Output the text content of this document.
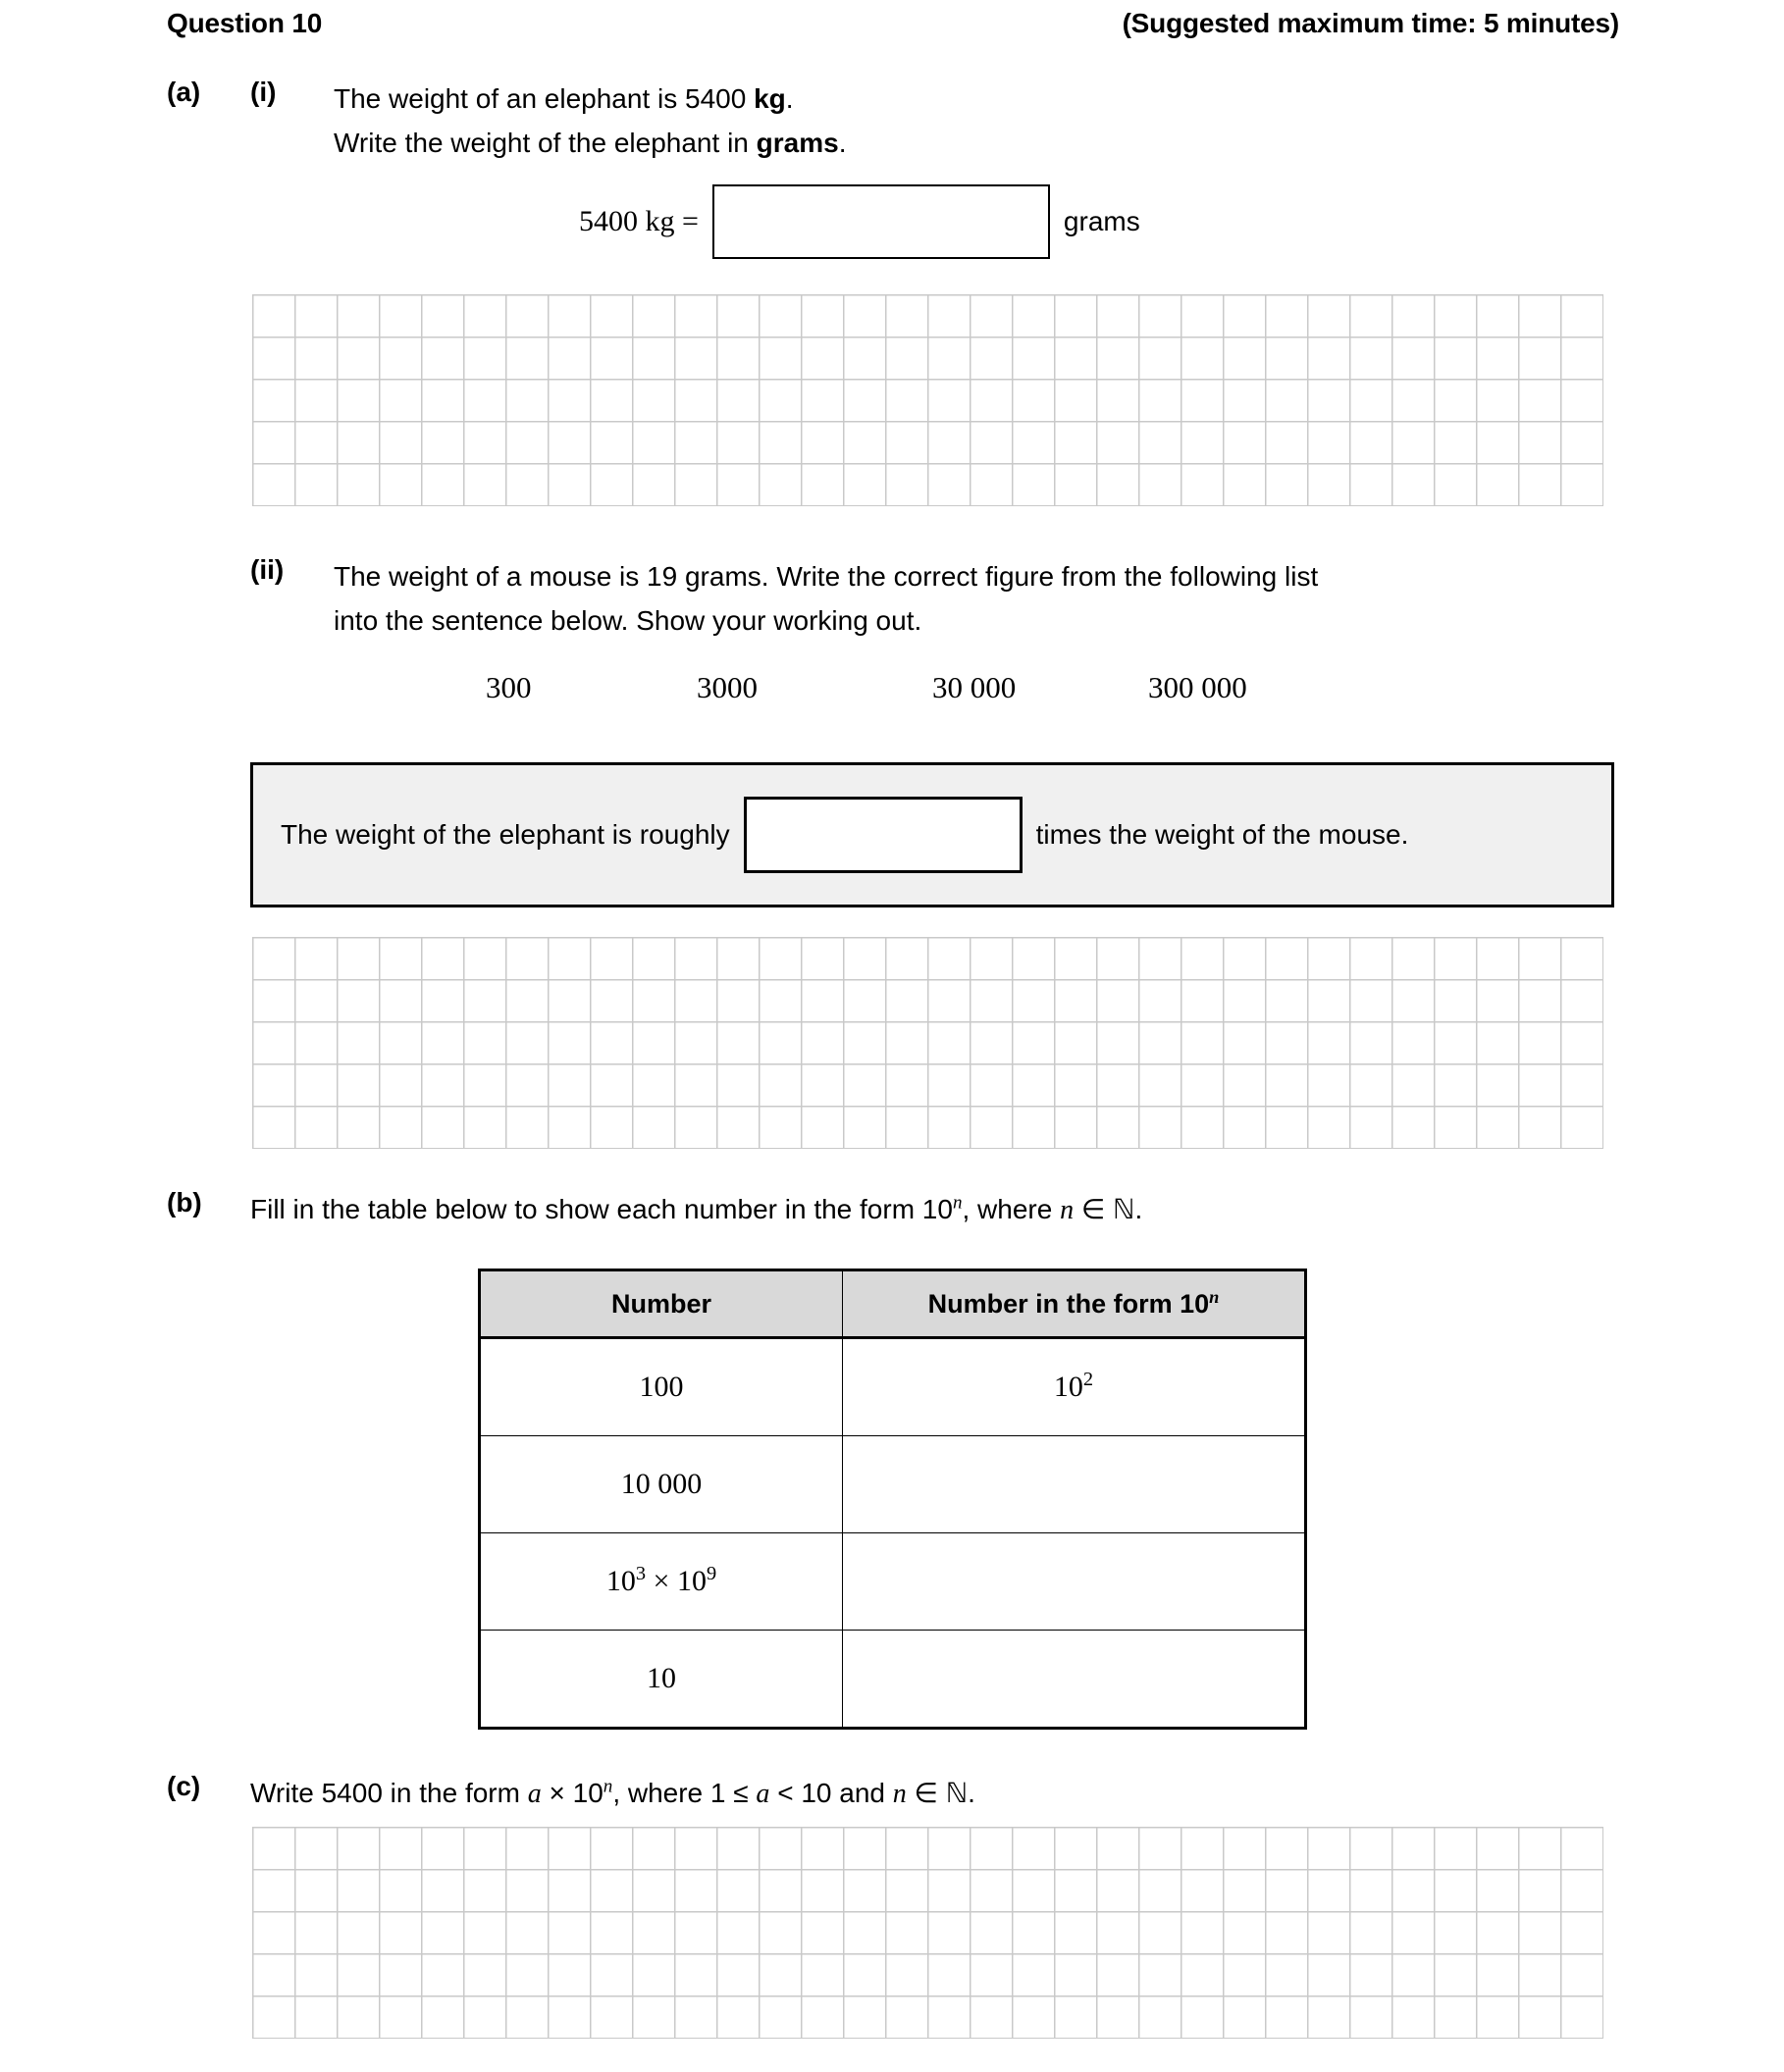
Question 10	(Suggested maximum time: 5 minutes)
(a) (i) The weight of an elephant is 5400 kg.
Write the weight of the elephant in grams.
5400 kg =	grams
(ii) The weight of a mouse is 19 grams. Write the correct figure from the following list
into the sentence below. Show your working out.
300	3000	30 000	300 000
The weight of the elephant is roughly	times the weight of the mouse.
(b) Fill in the table below to show each number in the form 10$^n$, where n ∈ ℕ.
Number	Number in the form 10$^n$
100	$10^2$
10 000	
$10^3 \times 10^9$	
10	
(c) Write 5400 in the form $a \times 10^n$, where 1 ≤ a < 10 and n ∈ ℕ.
